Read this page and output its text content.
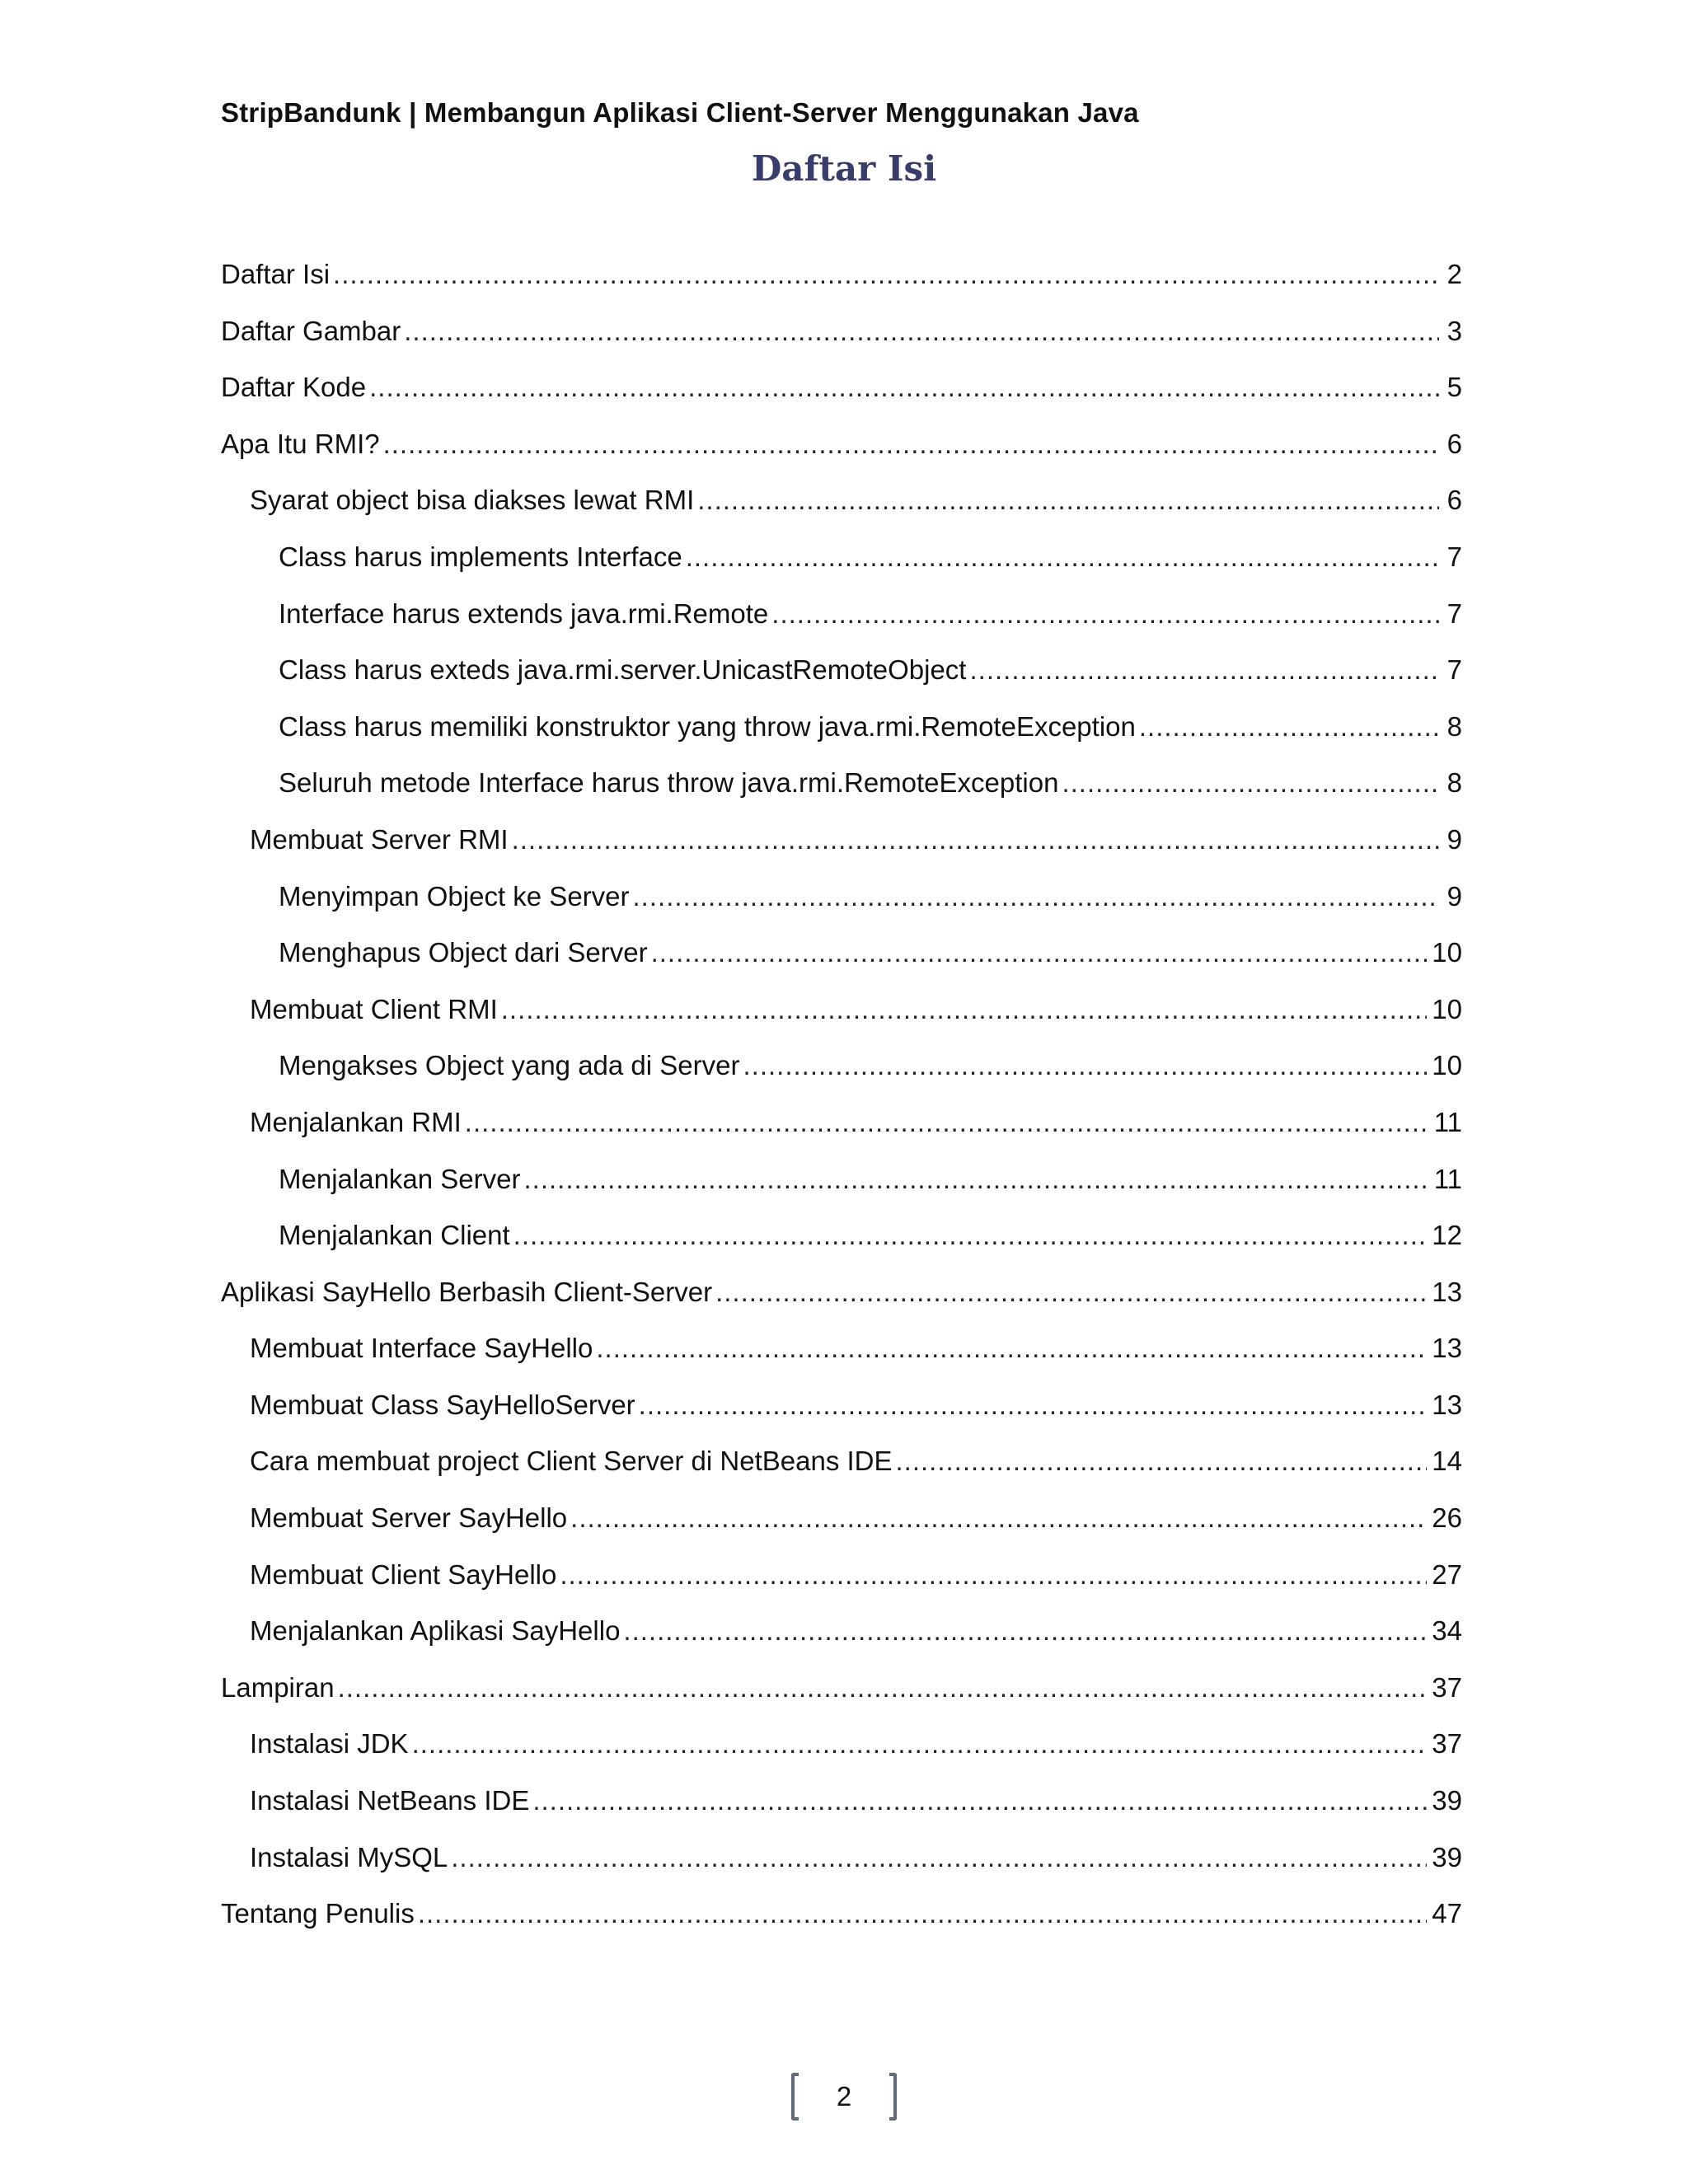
StripBandunk | Membangun Aplikasi Client-Server Menggunakan Java
Daftar Isi
Daftar Isi .....	2
Daftar Gambar .....	3
Daftar Kode .....	5
Apa Itu RMI? .....	6
Syarat object bisa diakses lewat RMI .....	6
Class harus implements Interface .....	7
Interface harus extends java.rmi.Remote .....	7
Class harus exteds java.rmi.server.UnicastRemoteObject .....	7
Class harus memiliki konstruktor yang throw java.rmi.RemoteException .....	8
Seluruh metode Interface harus throw java.rmi.RemoteException .....	8
Membuat Server RMI .....	9
Menyimpan Object ke Server .....	9
Menghapus Object dari Server .....	10
Membuat Client RMI .....	10
Mengakses Object yang ada di Server .....	10
Menjalankan RMI .....	11
Menjalankan Server .....	11
Menjalankan Client .....	12
Aplikasi SayHello Berbasih Client-Server .....	13
Membuat Interface SayHello .....	13
Membuat Class SayHelloServer .....	13
Cara membuat project Client Server di NetBeans IDE .....	14
Membuat Server SayHello .....	26
Membuat Client SayHello .....	27
Menjalankan Aplikasi SayHello .....	34
Lampiran .....	37
Instalasi JDK .....	37
Instalasi NetBeans IDE .....	39
Instalasi MySQL .....	39
Tentang Penulis .....	47
2
